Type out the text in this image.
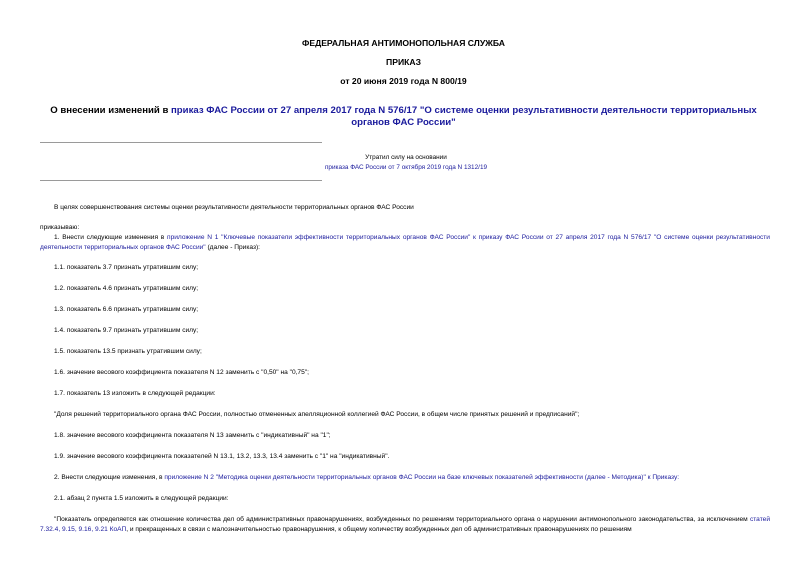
ФЕДЕРАЛЬНАЯ АНТИМОНОПОЛЬНАЯ СЛУЖБА
ПРИКАЗ
от 20 июня 2019 года N 800/19
О внесении изменений в приказ ФАС России от 27 апреля 2017 года N 576/17 "О системе оценки результативности деятельности территориальных органов ФАС России"
Утратил силу на основании
приказа ФАС России от 7 октября 2019 года N 1312/19
В целях совершенствования системы оценки результативности деятельности территориальных органов ФАС России
приказываю:
1. Внести следующие изменения в приложение N 1 "Ключевые показатели эффективности территориальных органов ФАС России" к приказу ФАС России от 27 апреля 2017 года N 576/17 "О системе оценки результативности деятельности территориальных органов ФАС России" (далее - Приказ):
1.1. показатель 3.7 признать утратившим силу;
1.2. показатель 4.6 признать утратившим силу;
1.3. показатель 6.6 признать утратившим силу;
1.4. показатель 9.7 признать утратившим силу;
1.5. показатель 13.5 признать утратившим силу;
1.6. значение весового коэффициента показателя N 12 заменить с "0,50" на "0,75";
1.7. показатель 13 изложить в следующей редакции:
"Доля решений территориального органа ФАС России, полностью отмененных апелляционной коллегией ФАС России, в общем числе принятых решений и предписаний";
1.8. значение весового коэффициента показателя N 13 заменить с "индикативный" на "1";
1.9. значение весового коэффициента показателей N 13.1, 13.2, 13.3, 13.4 заменить с "1" на "индикативный".
2. Внести следующие изменения, в приложение N 2 "Методика оценки деятельности территориальных органов ФАС России на базе ключевых показателей эффективности (далее - Методика)" к Приказу:
2.1. абзац 2 пункта 1.5 изложить в следующей редакции:
"Показатель определяется как отношение количества дел об административных правонарушениях, возбужденных по решениям территориального органа о нарушении антимонопольного законодательства, за исключением статей 7.32.4, 9.15, 9.16, 9.21 КоАП, и прекращенных в связи с малозначительностью правонарушения, к общему количеству возбужденных дел об административных правонарушениях по решениям
